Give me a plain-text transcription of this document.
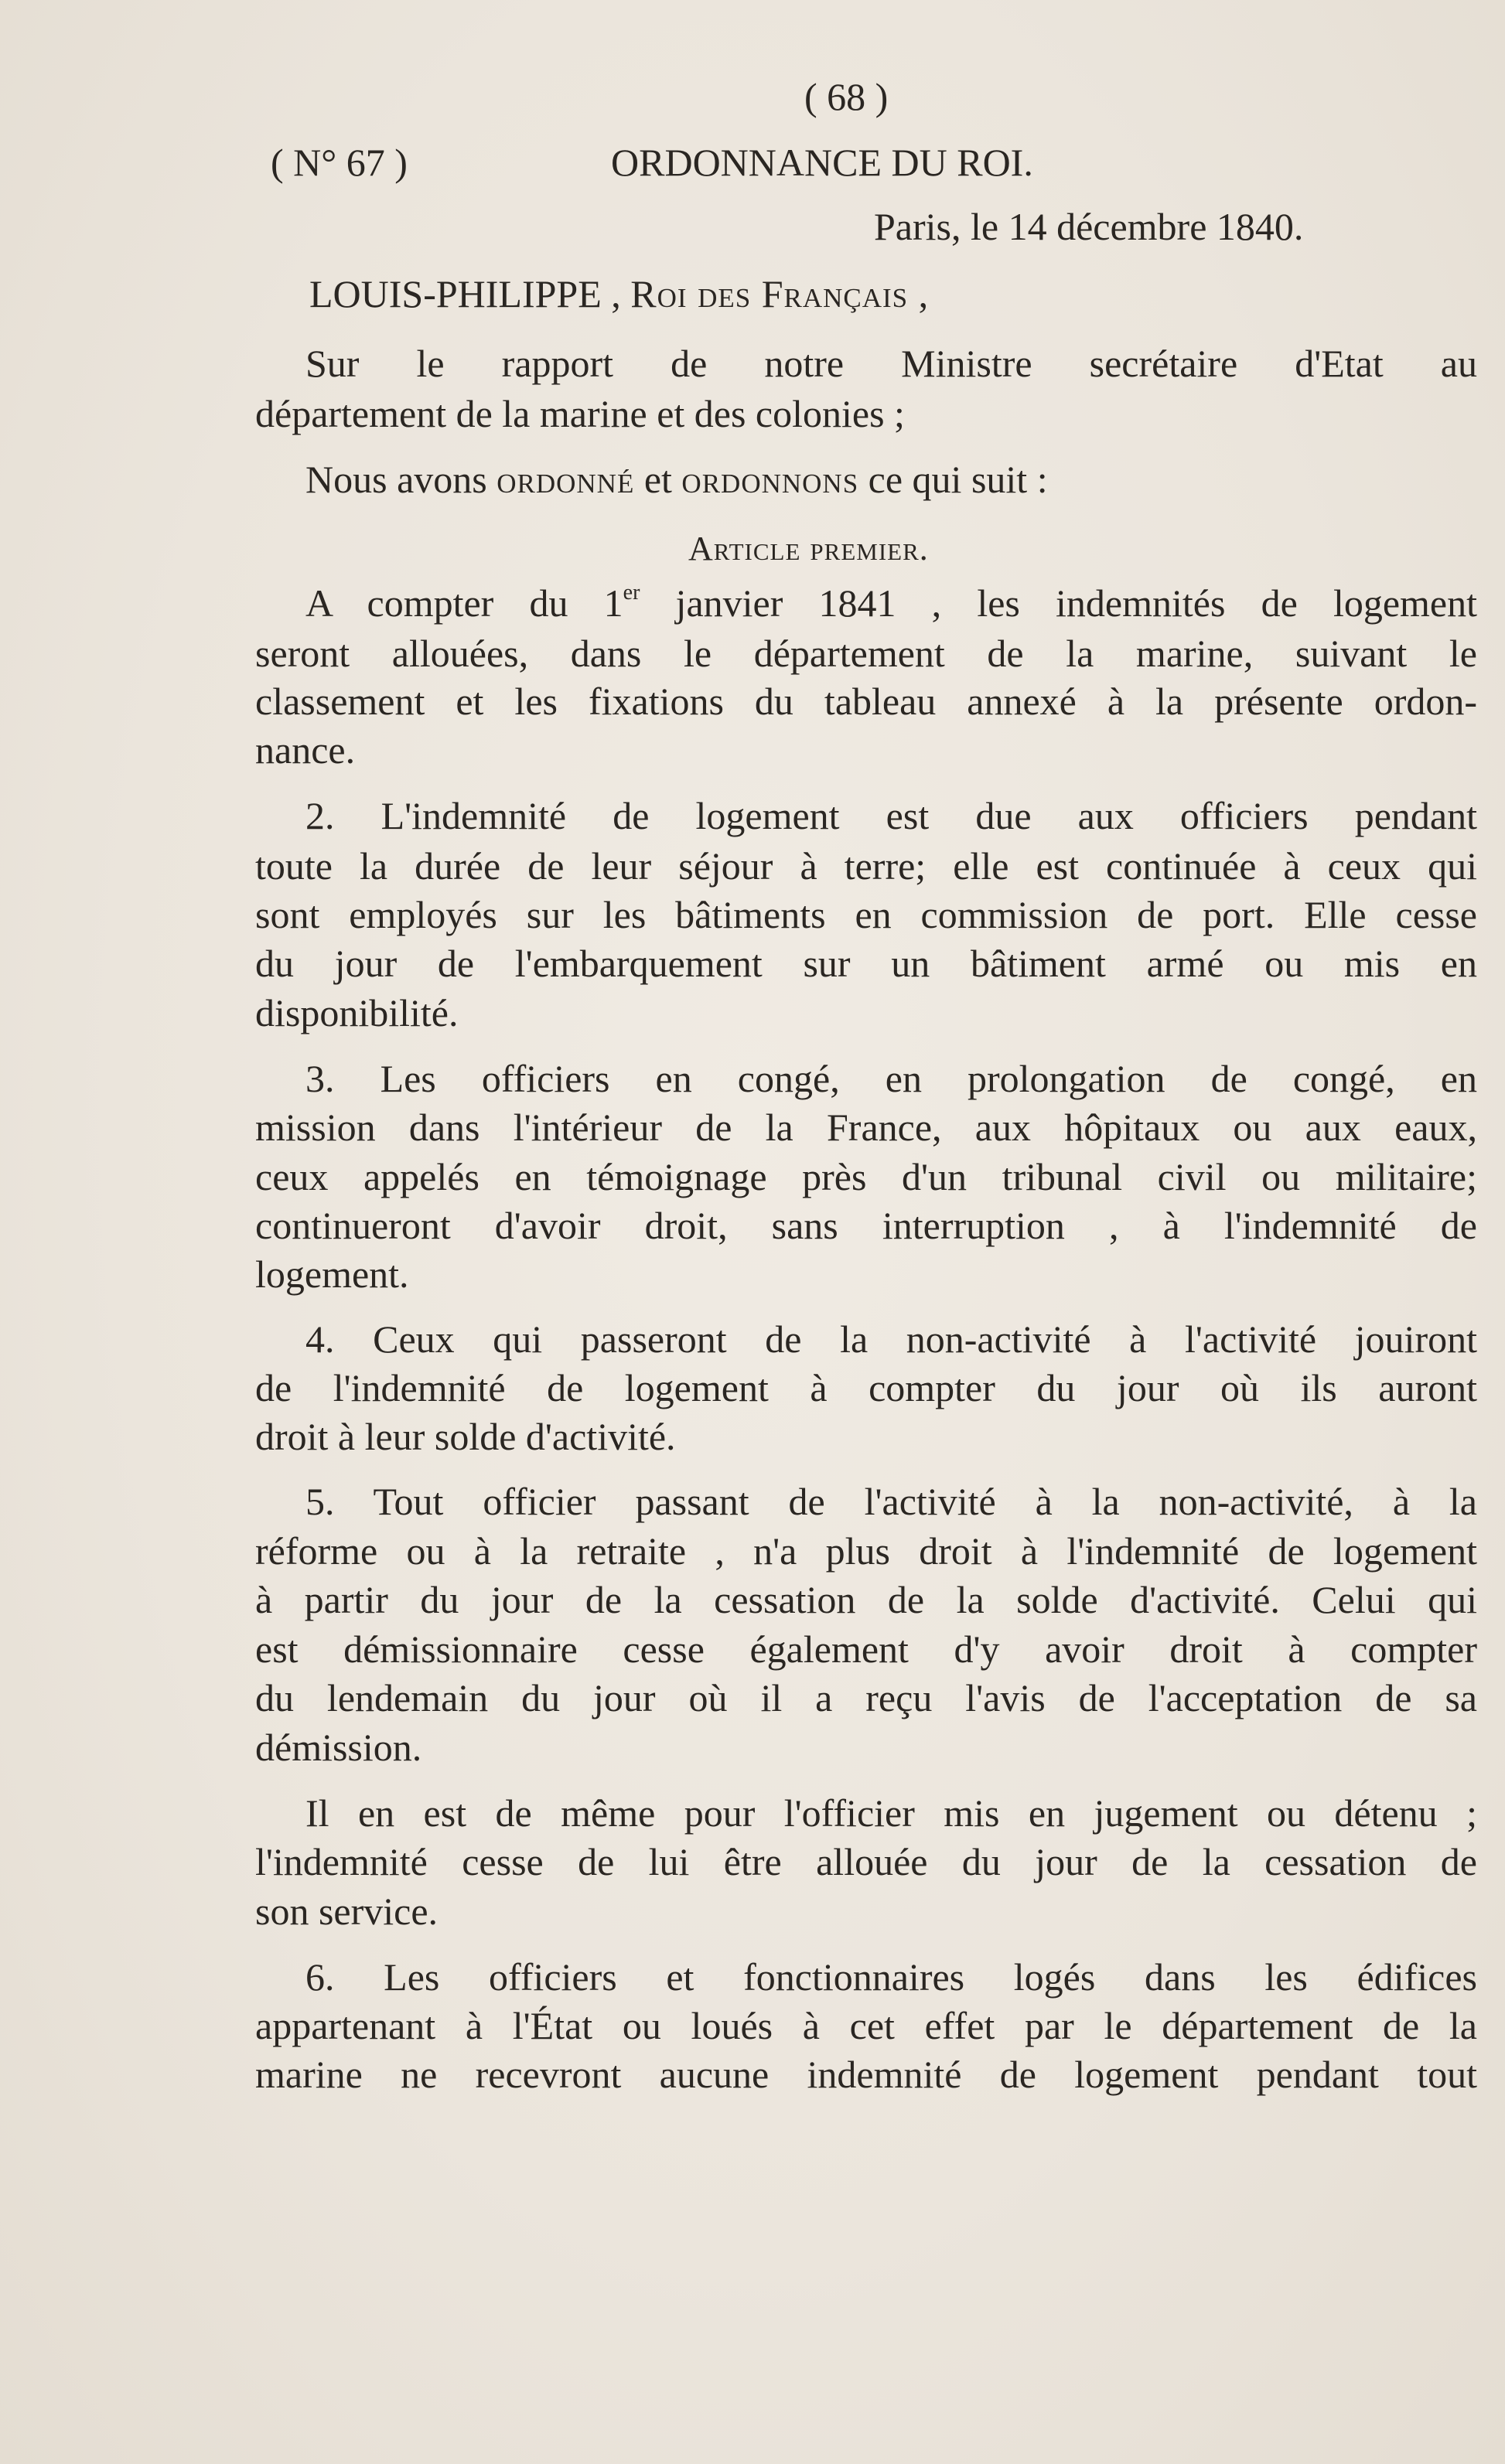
( 68 )
( N° 67 )	ORDONNANCE DU ROI.
Paris, le 14 décembre 1840.
LOUIS-PHILIPPE , Roi des Français ,
Sur le rapport de notre Ministre secrétaire d'Etat au
département de la marine et des colonies ;
Nous avons ordonné et ordonnons ce qui suit :
Article premier.
A compter du 1er janvier 1841 , les indemnités de logement
seront allouées, dans le département de la marine, suivant le
classement et les fixations du tableau annexé à la présente ordon-
nance.
2. L'indemnité de logement est due aux officiers pendant
toute la durée de leur séjour à terre; elle est continuée à ceux qui
sont employés sur les bâtiments en commission de port. Elle cesse
du jour de l'embarquement sur un bâtiment armé ou mis en
disponibilité.
3. Les officiers en congé, en prolongation de congé, en
mission dans l'intérieur de la France, aux hôpitaux ou aux eaux,
ceux appelés en témoignage près d'un tribunal civil ou militaire;
continueront d'avoir droit, sans interruption , à l'indemnité de
logement.
4. Ceux qui passeront de la non-activité à l'activité jouiront
de l'indemnité de logement à compter du jour où ils auront
droit à leur solde d'activité.
5. Tout officier passant de l'activité à la non-activité, à la
réforme ou à la retraite , n'a plus droit à l'indemnité de logement
à partir du jour de la cessation de la solde d'activité. Celui qui
est démissionnaire cesse également d'y avoir droit à compter
du lendemain du jour où il a reçu l'avis de l'acceptation de sa
démission.
Il en est de même pour l'officier mis en jugement ou détenu ;
l'indemnité cesse de lui être allouée du jour de la cessation de
son service.
6. Les officiers et fonctionnaires logés dans les édifices
appartenant à l'État ou loués à cet effet par le département de la
marine ne recevront aucune indemnité de logement pendant tout
